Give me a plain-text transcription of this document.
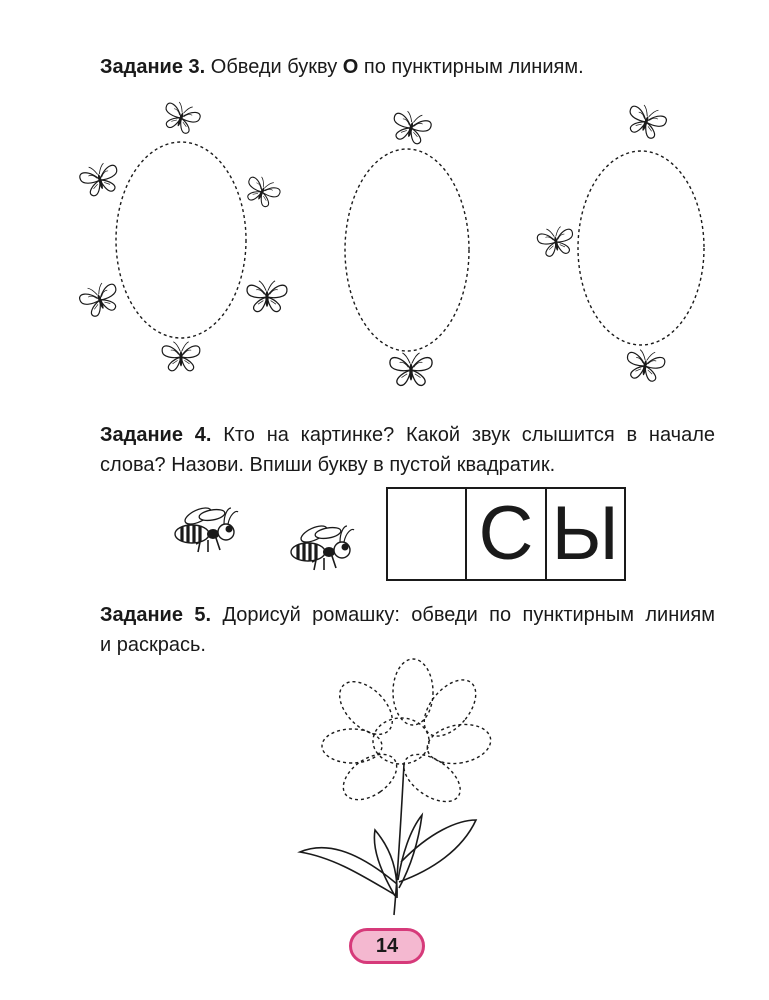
Задание 3. Обведи букву О по пунктирным линиям.
Задание 4. Кто на картинке? Какой звук слышится в начале
слова? Назови. Впиши букву в пустой квадратик.
С Ы
Задание 5. Дорисуй ромашку: обведи по пунктирным линиям
и раскрась.
14
